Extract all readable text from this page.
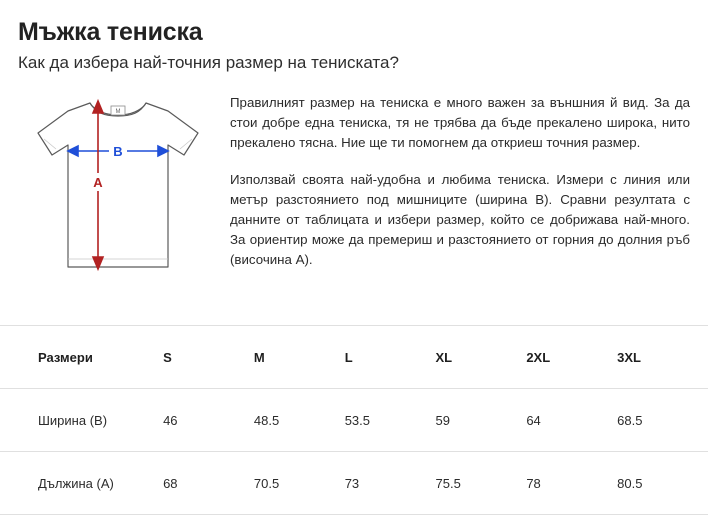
Мъжка тениска
Как да избера най-точния размер на тениската?
M
B
A

Правилният размер на тениска е много важен за външния й вид. За да стои добре една тениска, тя не трябва да бъде прекалено широка, нито прекалено тясна. Ние ще ти помогнем да откриеш точния размер.

Използвай своята най-удобна и любима тениска. Измери с линия или метър разстоянието под мишниците (ширина В). Сравни резултата с данните от таблицата и избери размер, който се добрижава най-много. За ориентир може да премериш и разстоянието от горния до долния ръб (височина А).

Размери	S	M	L	XL	2XL	3XL
Ширина (B)	46	48.5	53.5	59	64	68.5
Дължина (A)	68	70.5	73	75.5	78	80.5
